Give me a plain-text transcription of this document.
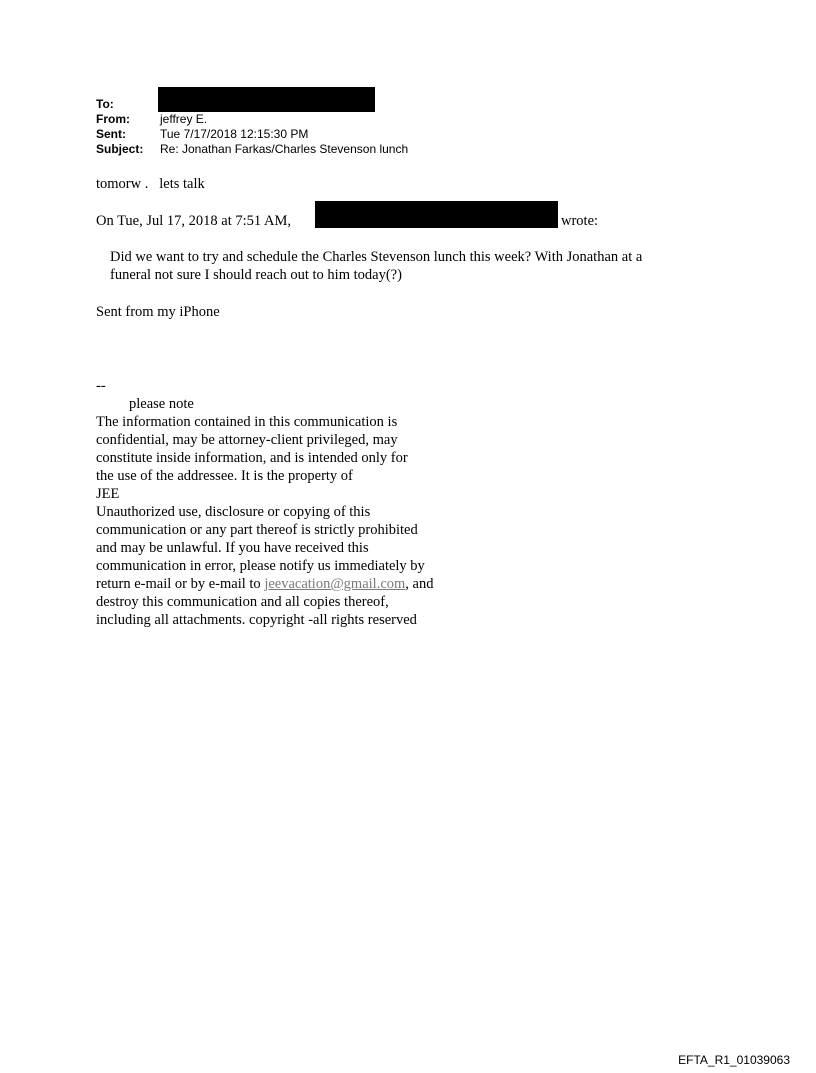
To:
From:	jeffrey E.
Sent:	Tue 7/17/2018 12:15:30 PM
Subject:	Re: Jonathan Farkas/Charles Stevenson lunch
tomorw .   lets talk
On Tue, Jul 17, 2018 at 7:51 AM,	wrote:
Did we want to try and schedule the Charles Stevenson lunch this week? With Jonathan at a
funeral not sure I should reach out to him today(?)
Sent from my iPhone
--
please note
The information contained in this communication is
confidential, may be attorney-client privileged, may
constitute inside information, and is intended only for
the use of the addressee. It is the property of
JEE
Unauthorized use, disclosure or copying of this
communication or any part thereof is strictly prohibited
and may be unlawful. If you have received this
communication in error, please notify us immediately by
return e-mail or by e-mail to jeevacation@gmail.com, and
destroy this communication and all copies thereof,
including all attachments. copyright -all rights reserved
EFTA_R1_01039063
